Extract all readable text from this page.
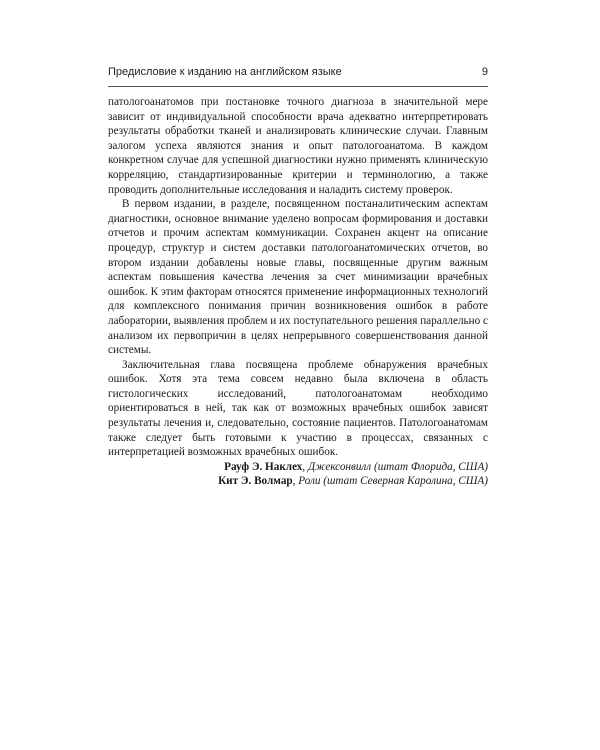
Предисловие к изданию на английском языке	9

патологоанатомов при постановке точного диагноза в значительной мере зависит от индивидуальной способности врача адекватно интерпретировать результаты обработки тканей и анализировать клинические случаи. Главным залогом успеха являются знания и опыт патологоанатома. В каждом конкретном случае для успешной диагностики нужно применять клиническую корреляцию, стандартизированные критерии и терминологию, а также проводить дополнительные исследования и наладить систему проверок.

В первом издании, в разделе, посвященном постаналитическим аспектам диагностики, основное внимание уделено вопросам формирования и доставки отчетов и прочим аспектам коммуникации. Сохранен акцент на описание процедур, структур и систем доставки патологоанатомических отчетов, во втором издании добавлены новые главы, посвященные другим важным аспектам повышения качества лечения за счет минимизации врачебных ошибок. К этим факторам относятся применение информационных технологий для комплексного понимания причин возникновения ошибок в работе лаборатории, выявления проблем и их поступательного решения параллельно с анализом их первопричин в целях непрерывного совершенствования данной системы.

Заключительная глава посвящена проблеме обнаружения врачебных ошибок. Хотя эта тема совсем недавно была включена в область гистологических исследований, патологоанатомам необходимо ориентироваться в ней, так как от возможных врачебных ошибок зависят результаты лечения и, следовательно, состояние пациентов. Патологоанатомам также следует быть готовыми к участию в процессах, связанных с интерпретацией возможных врачебных ошибок.

Рауф Э. Наклех, Джексонвилл (штат Флорида, США)
Кит Э. Волмар, Роли (штат Северная Каролина, США)
